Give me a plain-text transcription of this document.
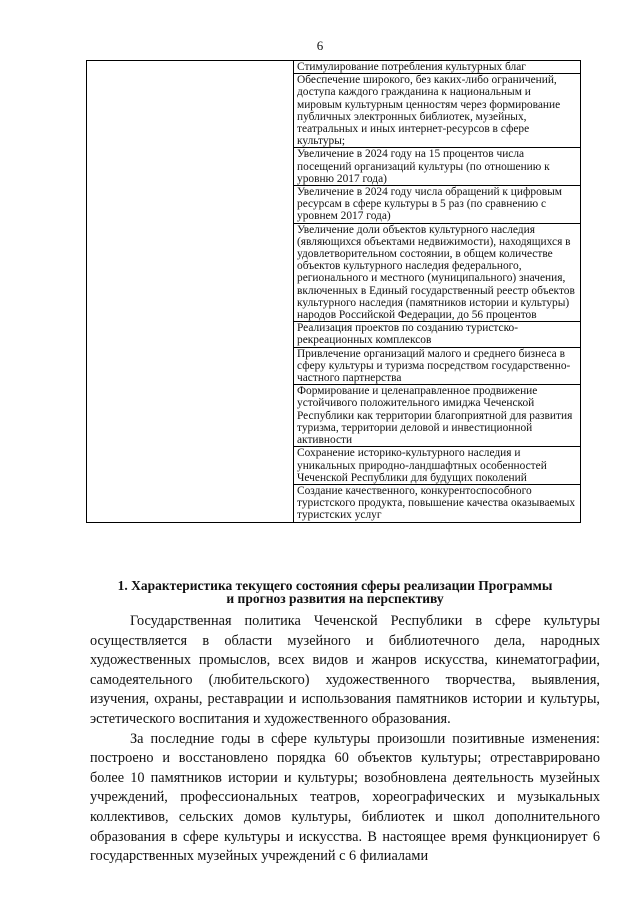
6
	Стимулирование потребления культурных благ
Обеспечение широкого, без каких-либо ограничений, доступа каждого гражданина к национальным и мировым культурным ценностям через формирование публичных электронных библиотек, музейных, театральных и иных интернет-ресурсов в сфере культуры;
Увеличение в 2024 году на 15 процентов числа посещений организаций культуры (по отношению к уровню 2017 года)
Увеличение в 2024 году числа обращений к цифровым ресурсам в сфере культуры в 5 раз (по сравнению с уровнем 2017 года)
Увеличение доли объектов культурного наследия (являющихся объектами недвижимости), находящихся в удовлетворительном состоянии, в общем количестве объектов культурного наследия федерального, регионального и местного (муниципального) значения, включенных в Единый государственный реестр объектов культурного наследия (памятников истории и культуры) народов Российской Федерации, до 56 процентов
Реализация проектов по созданию туристско-рекреационных комплексов
Привлечение организаций малого и среднего бизнеса в сферу культуры и туризма посредством государственно-частного партнерства
Формирование и целенаправленное продвижение устойчивого положительного имиджа Чеченской Республики как территории благоприятной для развития туризма, территории деловой и инвестиционной активности
Сохранение историко-культурного наследия и уникальных природно-ландшафтных особенностей Чеченской Республики для будущих поколений
Создание качественного, конкурентоспособного туристского продукта, повышение качества оказываемых туристских услуг
1. Характеристика текущего состояния сферы реализации Программы
и прогноз развития на перспективу

Государственная политика Чеченской Республики в сфере культуры осуществляется в области музейного и библиотечного дела, народных художественных промыслов, всех видов и жанров искусства, кинематографии, самодеятельного (любительского) художественного творчества, выявления, изучения, охраны, реставрации и использования памятников истории и культуры, эстетического воспитания и художественного образования.

За последние годы в сфере культуры произошли позитивные изменения: построено и восстановлено порядка 60 объектов культуры; отреставрировано более 10 памятников истории и культуры; возобновлена деятельность музейных учреждений, профессиональных театров, хореографических и музыкальных коллективов, сельских домов культуры, библиотек и школ дополнительного образования в сфере культуры и искусства. В настоящее время функционирует 6 государственных музейных учреждений с 6 филиалами
